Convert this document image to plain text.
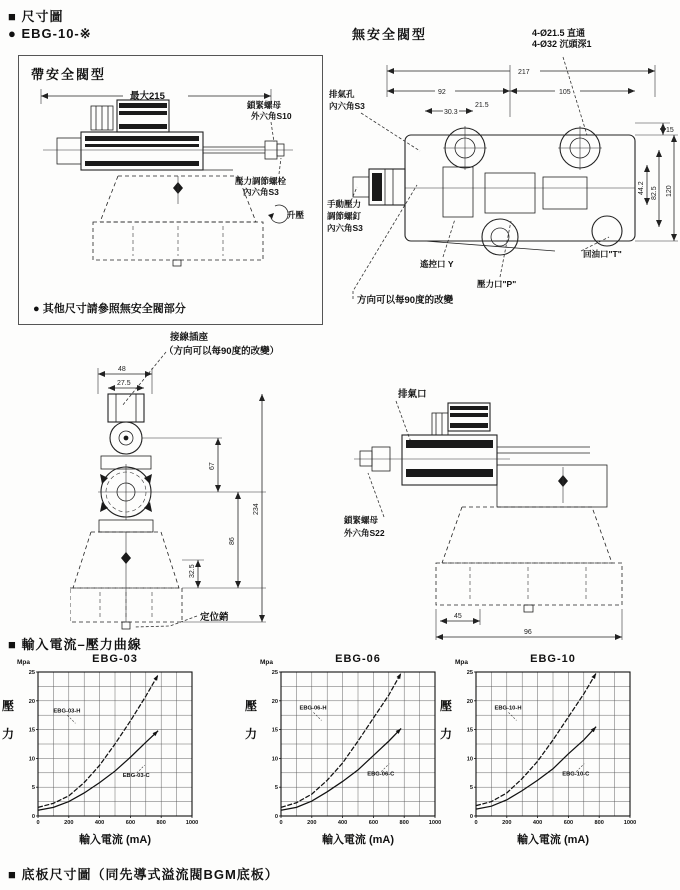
■ 尺寸圖
● EBG-10-※
帶安全閥型
● 其他尺寸請參照無安全閥部分
最大215
鎖緊螺母
外六角S10
壓力調節螺栓
內六角S3
升壓
無安全閥型	4-Ø21.5 直通
4-Ø32 沉頭深1
217
92	105
30.3
21.5
15
44.2 82.5 120
排氣孔
內六角S3
手動壓力
調節螺釘
內六角S3
遙控口 Y
壓力口"P"
回油口"T"
方向可以每90度的改變
接線插座
（方向可以每90度的改變）
48
27.5
67
86
234
32.5
定位銷
排氣口
鎖緊螺母
外六角S22
45
96
■ 輸入電流–壓力曲線
壓力
0
5
10
15
20
25
0	200	400	600	800	1000
EBG-03-H
EBG-03-C
EBG-03
Mpa
輸入電流 (mA)
壓力
0
5
10
15
20
25
0	200	400	600	800	1000
EBG-06-H
EBG-06-C
EBG-06
Mpa
輸入電流 (mA)
壓力
0
5
10
15
20
25
0	200	400	600	800	1000
EBG-10-H
EBG-10-C
EBG-10
Mpa
輸入電流 (mA)
■ 底板尺寸圖（同先導式溢流閥BGM底板）
